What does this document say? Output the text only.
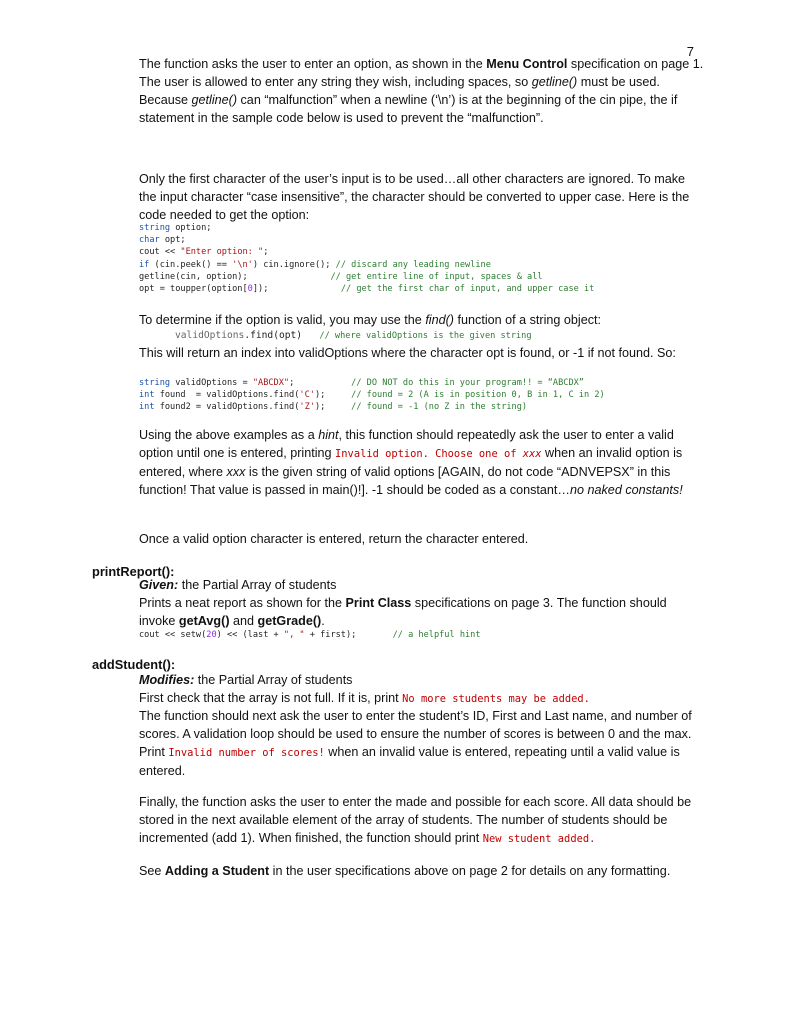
7

The function asks the user to enter an option, as shown in the Menu Control specification on page 1. The user is allowed to enter any string they wish, including spaces, so getline() must be used. Because getline() can “malfunction” when a newline (‘\n’) is at the beginning of the cin pipe, the if statement in the sample code below is used to prevent the “malfunction”.

Only the first character of the user’s input is to be used…all other characters are ignored. To make the input character “case insensitive”, the character should be converted to upper case. Here is the code needed to get the option:

string option;
char opt;
cout << "Enter option: ";
if (cin.peek() == '\n') cin.ignore(); // discard any leading newline
getline(cin, option);                // get entire line of input, spaces & all
opt = toupper(option[0]);              // get the first char of input, and upper case it

To determine if the option is valid, you may use the find() function of a string object:

validOptions.find(opt) // where validOptions is the given string

This will return an index into validOptions where the character opt is found, or -1 if not found. So:

string validOptions = "ABCDX";           // DO NOT do this in your program!! = “ABCDX”
int found  = validOptions.find('C');     // found = 2 (A is in position 0, B in 1, C in 2)
int found2 = validOptions.find('Z');     // found = -1 (no Z in the string)

Using the above examples as a hint, this function should repeatedly ask the user to enter a valid option until one is entered, printing Invalid option. Choose one of xxx when an invalid option is entered, where xxx is the given string of valid options [AGAIN, do not code “ADNVEPSX” in this function! That value is passed in main()!]. -1 should be coded as a constant…no naked constants!

Once a valid option character is entered, return the character entered.

printReport():

Given: the Partial Array of students

Prints a neat report as shown for the Print Class specifications on page 3. The function should invoke getAvg() and getGrade().

cout << setw(20) << (last + ", " + first);       // a helpful hint

addStudent():

Modifies: the Partial Array of students

First check that the array is not full. If it is, print No more students may be added.

The function should next ask the user to enter the student’s ID, First and Last name, and number of scores. A validation loop should be used to ensure the number of scores is between 0 and the max. Print Invalid number of scores! when an invalid value is entered, repeating until a valid value is entered.

Finally, the function asks the user to enter the made and possible for each score. All data should be stored in the next available element of the array of students. The number of students should be incremented (add 1). When finished, the function should print New student added.

See Adding a Student in the user specifications above on page 2 for details on any formatting.
